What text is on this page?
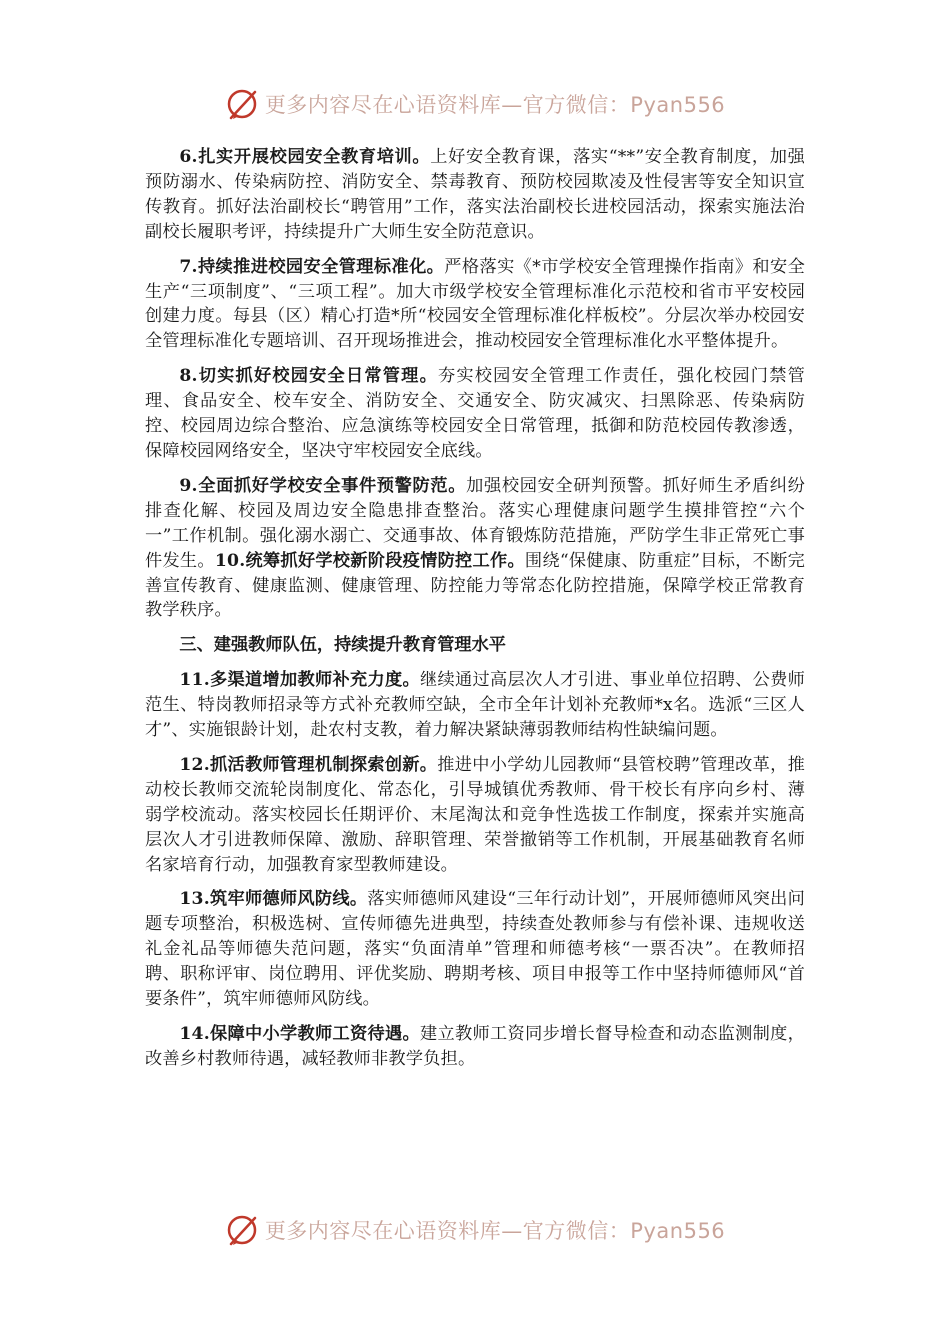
更多内容尽在心语资料库—官方微信：Pyan556

6.扎实开展校园安全教育培训。上好安全教育课，落实“**”安全教育制度，加强预防溺水、传染病防控、消防安全、禁毒教育、预防校园欺凌及性侵害等安全知识宣传教育。抓好法治副校长“聘管用”工作，落实法治副校长进校园活动，探索实施法治副校长履职考评，持续提升广大师生安全防范意识。

7.持续推进校园安全管理标准化。严格落实《*市学校安全管理操作指南》和安全生产“三项制度”、“三项工程”。加大市级学校安全管理标准化示范校和省市平安校园创建力度。每县（区）精心打造*所“校园安全管理标准化样板校”。分层次举办校园安全管理标准化专题培训、召开现场推进会，推动校园安全管理标准化水平整体提升。

8.切实抓好校园安全日常管理。夯实校园安全管理工作责任，强化校园门禁管理、食品安全、校车安全、消防安全、交通安全、防灾减灾、扫黑除恶、传染病防控、校园周边综合整治、应急演练等校园安全日常管理，抵御和防范校园传教渗透，保障校园网络安全，坚决守牢校园安全底线。

9.全面抓好学校安全事件预警防范。加强校园安全研判预警。抓好师生矛盾纠纷排查化解、校园及周边安全隐患排查整治。落实心理健康问题学生摸排管控“六个一”工作机制。强化溺水溺亡、交通事故、体育锻炼防范措施，严防学生非正常死亡事件发生。10.统筹抓好学校新阶段疫情防控工作。围绕“保健康、防重症”目标，不断完善宣传教育、健康监测、健康管理、防控能力等常态化防控措施，保障学校正常教育教学秩序。

三、建强教师队伍，持续提升教育管理水平

11.多渠道增加教师补充力度。继续通过高层次人才引进、事业单位招聘、公费师范生、特岗教师招录等方式补充教师空缺，全市全年计划补充教师*x名。选派“三区人才”、实施银龄计划，赴农村支教，着力解决紧缺薄弱教师结构性缺编问题。

12.抓活教师管理机制探索创新。推进中小学幼儿园教师“县管校聘”管理改革，推动校长教师交流轮岗制度化、常态化，引导城镇优秀教师、骨干校长有序向乡村、薄弱学校流动。落实校园长任期评价、末尾淘汰和竞争性选拔工作制度，探索并实施高层次人才引进教师保障、激励、辞职管理、荣誉撤销等工作机制，开展基础教育名师名家培育行动，加强教育家型教师建设。

13.筑牢师德师风防线。落实师德师风建设“三年行动计划”，开展师德师风突出问题专项整治，积极选树、宣传师德先进典型，持续查处教师参与有偿补课、违规收送礼金礼品等师德失范问题，落实“负面清单”管理和师德考核“一票否决”。在教师招聘、职称评审、岗位聘用、评优奖励、聘期考核、项目申报等工作中坚持师德师风“首要条件”，筑牢师德师风防线。

14.保障中小学教师工资待遇。建立教师工资同步增长督导检查和动态监测制度，改善乡村教师待遇，减轻教师非教学负担。

更多内容尽在心语资料库—官方微信：Pyan556
